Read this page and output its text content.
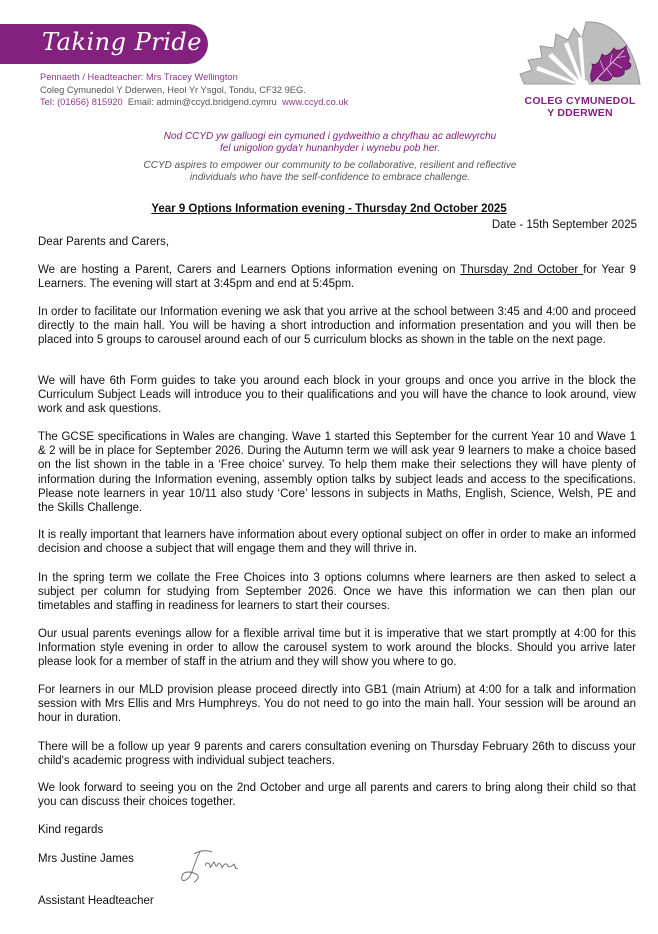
Taking Pride
Pennaeth / Headteacher: Mrs Tracey Wellington
Coleg Cymunedol Y Dderwen, Heol Yr Ysgol, Tondu, CF32 9EG.
Tel: (01656) 815920  Email: admin@ccyd.bridgend.cymru www.ccyd.co.uk	COLEG CYMUNEDOL
Y DDERWEN
Nod CCYD yw galluogi ein cymuned i gydweithio a chryfhau ac adlewyrchu
fel unigolion gyda'r hunanhyder i wynebu pob her.
CCYD aspires to empower our community to be collaborative, resilient and reflective
individuals who have the self-confidence to embrace challenge.
Year 9 Options Information evening - Thursday 2nd October 2025
Date - 15th September 2025
Dear Parents and Carers,

We are hosting a Parent, Carers and Learners Options information evening on Thursday 2nd October for Year 9 Learners. The evening will start at 3:45pm and end at 5:45pm.

In order to facilitate our Information evening we ask that you arrive at the school between 3:45 and 4:00 and proceed directly to the main hall. You will be having a short introduction and information presentation and you will then be placed into 5 groups to carousel around each of our 5 curriculum blocks as shown in the table on the next page.

We will have 6th Form guides to take you around each block in your groups and once you arrive in the block the Curriculum Subject Leads will introduce you to their qualifications and you will have the chance to look around, view work and ask questions.

The GCSE specifications in Wales are changing. Wave 1 started this September for the current Year 10 and Wave 1 & 2 will be in place for September 2026. During the Autumn term we will ask year 9 learners to make a choice based on the list shown in the table in a ‘Free choice’ survey. To help them make their selections they will have plenty of information during the Information evening, assembly option talks by subject leads and access to the specifications. Please note learners in year 10/11 also study ‘Core’ lessons in subjects in Maths, English, Science, Welsh, PE and the Skills Challenge.

It is really important that learners have information about every optional subject on offer in order to make an informed decision and choose a subject that will engage them and they will thrive in.

In the spring term we collate the Free Choices into 3 options columns where learners are then asked to select a subject per column for studying from September 2026. Once we have this information we can then plan our timetables and staffing in readiness for learners to start their courses.

Our usual parents evenings allow for a flexible arrival time but it is imperative that we start promptly at 4:00 for this Information style evening in order to allow the carousel system to work around the blocks. Should you arrive later please look for a member of staff in the atrium and they will show you where to go.

For learners in our MLD provision please proceed directly into GB1 (main Atrium) at 4:00 for a talk and information session with Mrs Ellis and Mrs Humphreys. You do not need to go into the main hall. Your session will be around an hour in duration.

There will be a follow up year 9 parents and carers consultation evening on Thursday February 26th to discuss your child's academic progress with individual subject teachers.

We look forward to seeing you on the 2nd October and urge all parents and carers to bring along their child so that you can discuss their choices together.

Kind regards
Mrs Justine James
Assistant Headteacher
